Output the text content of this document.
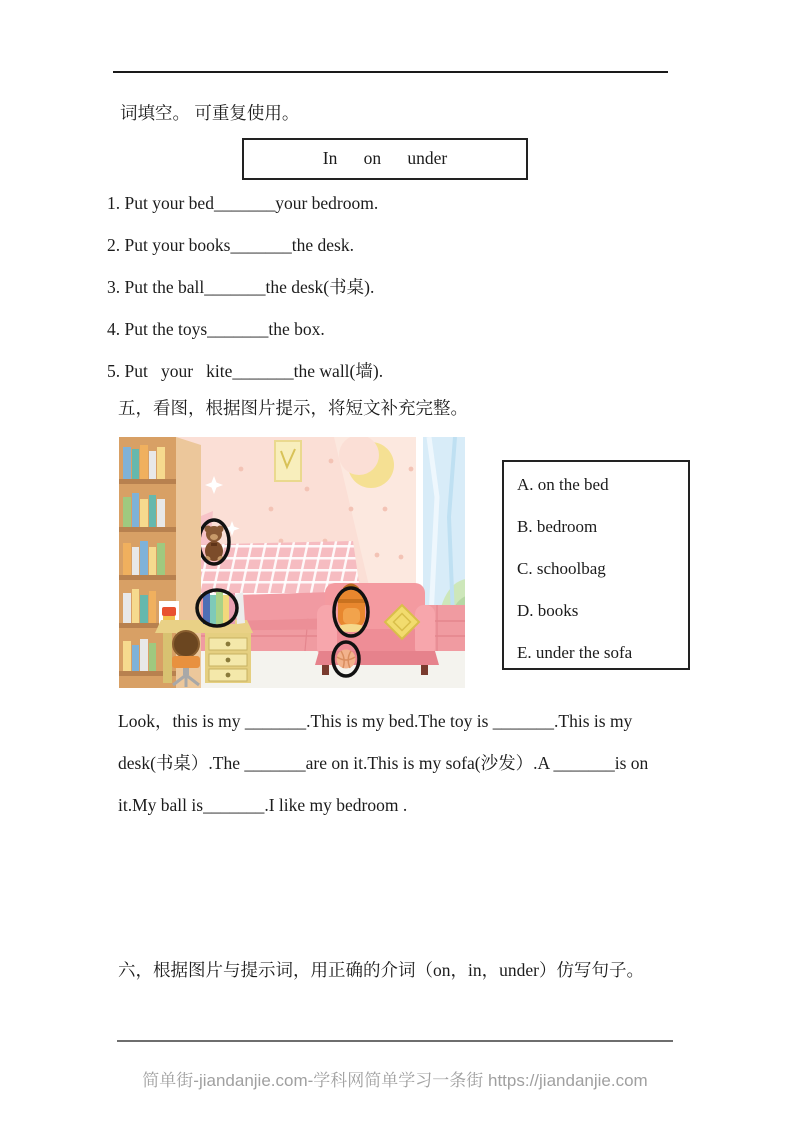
词填空。 可重复使用。
In      on      under
1. Put your bed_______your bedroom.
2. Put your books_______the desk.
3. Put the ball_______the desk(书桌).
4. Put the toys_______the box.
5. Put   your   kite_______the wall(墙).
五，看图，根据图片提示，将短文补充完整。
A. on the bed
B. bedroom
C. schoolbag
D. books
E. under the sofa
Look，this is my _______.This is my bed.The toy is _______.This is my
desk(书桌）.The _______are on it.This is my sofa(沙发）.A _______is on
it.My ball is_______.I like my bedroom .
六，根据图片与提示词，用正确的介词（on，in，under）仿写句子。
简单街-jiandanjie.com-学科网简单学习一条街 https://jiandanjie.com
